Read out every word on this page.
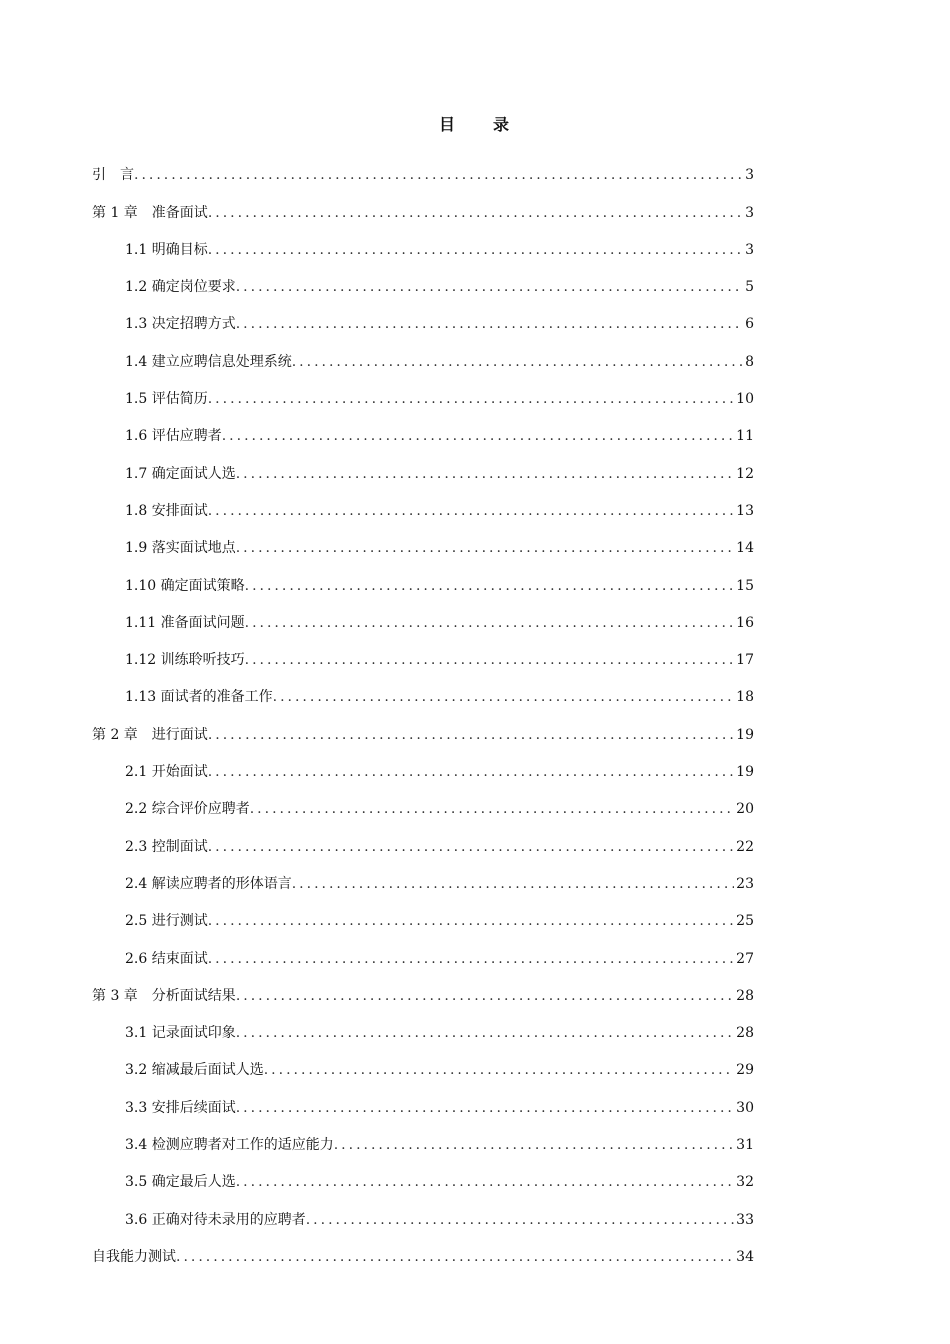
目　　录
引　言 .....	3
第 1 章　准备面试 .....	3
1.1 明确目标 .....	3
1.2 确定岗位要求 .....	5
1.3 决定招聘方式 .....	6
1.4 建立应聘信息处理系统 .....	8
1.5 评估简历 .....	10
1.6 评估应聘者 .....	11
1.7 确定面试人选 .....	12
1.8 安排面试 .....	13
1.9 落实面试地点 .....	14
1.10 确定面试策略 .....	15
1.11 准备面试问题 .....	16
1.12 训练聆听技巧 .....	17
1.13 面试者的准备工作 .....	18
第 2 章　进行面试 .....	19
2.1 开始面试 .....	19
2.2 综合评价应聘者 .....	20
2.3 控制面试 .....	22
2.4 解读应聘者的形体语言 .....	23
2.5 进行测试 .....	25
2.6 结束面试 .....	27
第 3 章　分析面试结果 .....	28
3.1 记录面试印象 .....	28
3.2 缩减最后面试人选 .....	29
3.3 安排后续面试 .....	30
3.4 检测应聘者对工作的适应能力 .....	31
3.5 确定最后人选 .....	32
3.6 正确对待未录用的应聘者 .....	33
自我能力测试 .....	34
